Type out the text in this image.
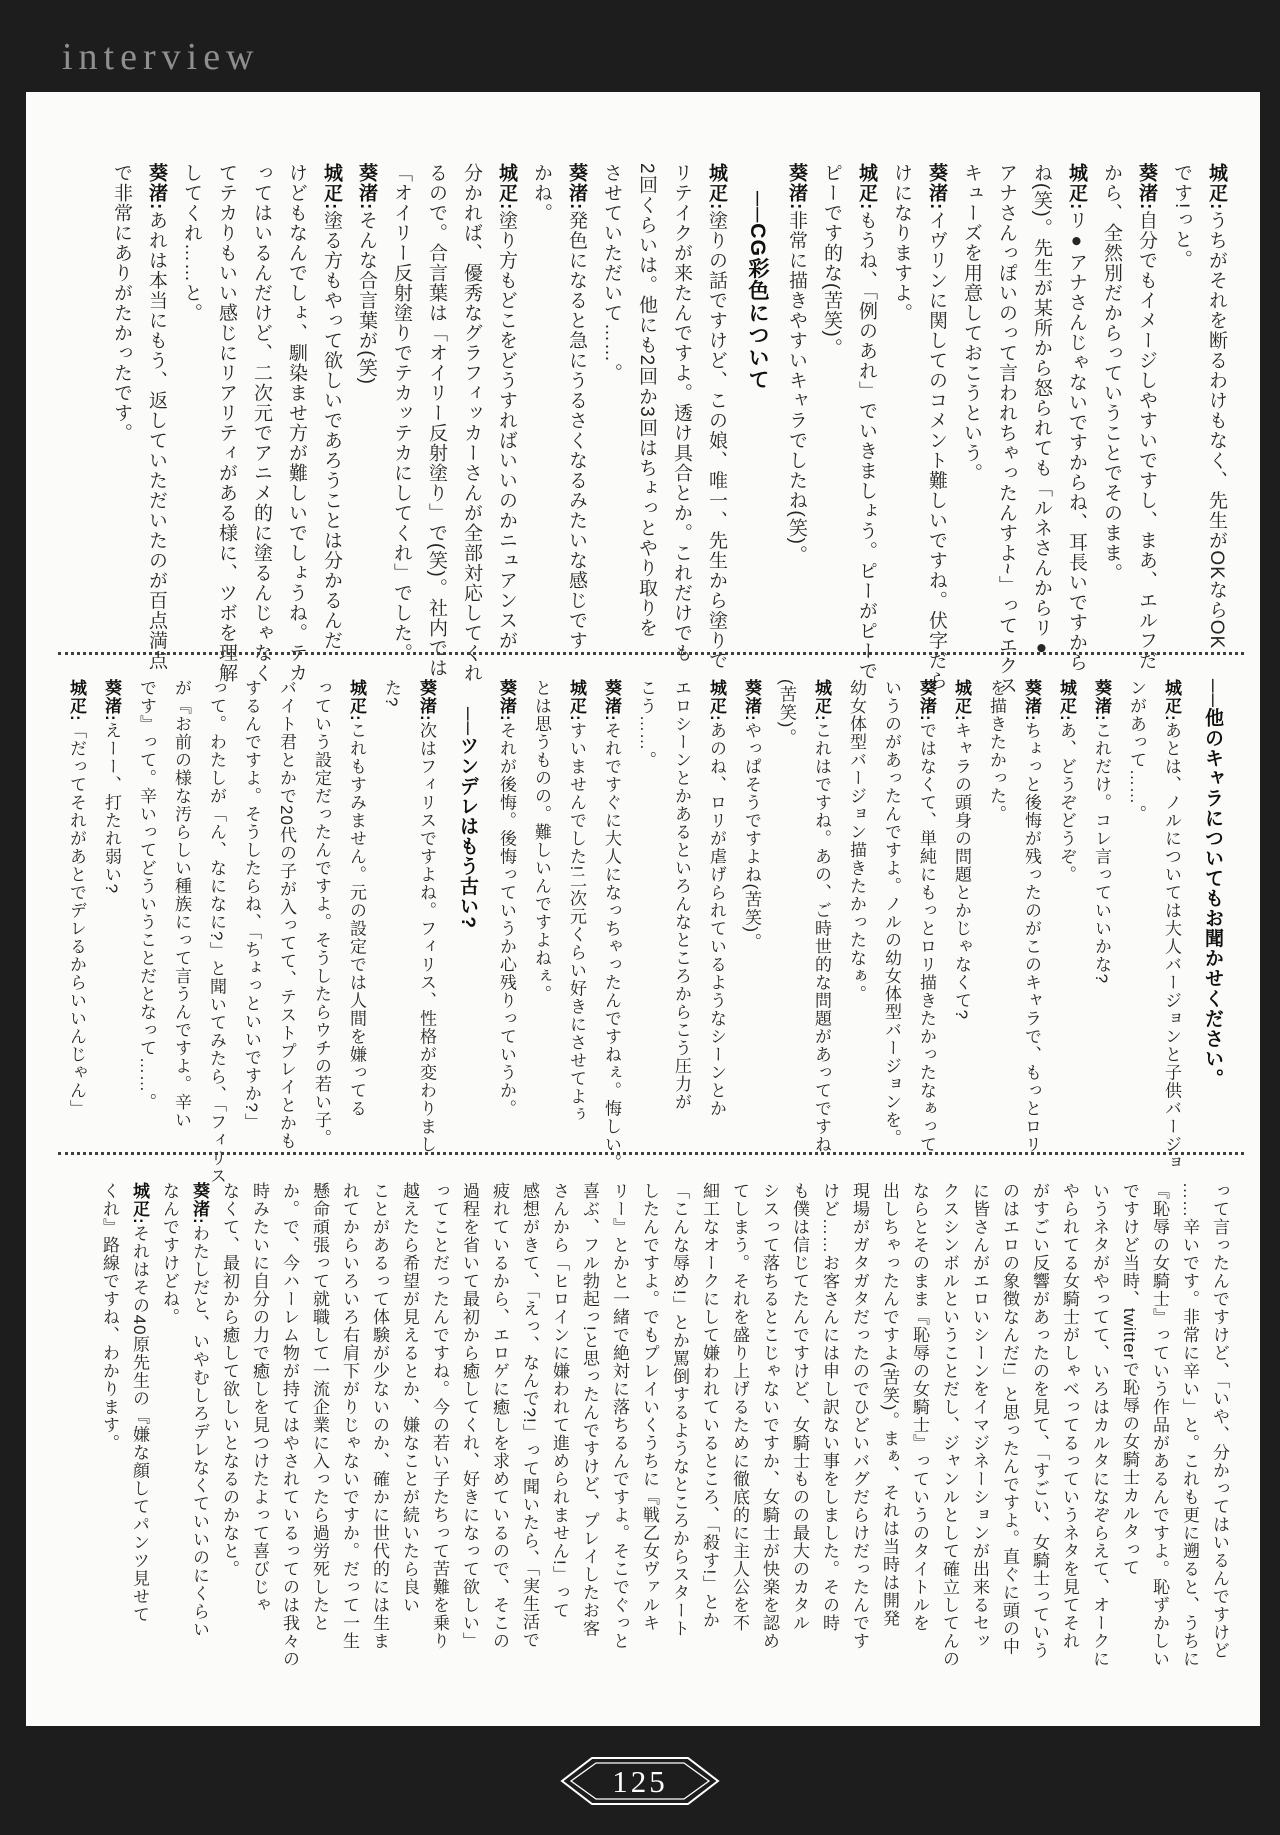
interview

城疋:うちがそれを断るわけもなく、先生がOKならOK

です!っと。

葵渚:自分でもイメージしやすいですし、まあ、エルフだ

から、全然別だからっていうことでそのまま。

城疋:リ●アナさんじゃないですからね、耳長いですから

ね(笑)。先生が某所から怒られても「ルネさんからリ●

アナさんっぽいのって言われちゃったんすよ~」ってエクス

キューズを用意しておこうという。

葵渚:イヴリンに関してのコメント難しいですね。伏字だら

けになりますよ。

城疋:もうね、「例のあれ」でいきましょう。ピーがピーで

ピーです的な(苦笑)。

葵渚:非常に描きやすいキャラでしたね(笑)。

──CG彩色について

城疋:塗りの話ですけど、この娘、唯一、先生から塗りで

リテイクが来たんですよ。透け具合とか。これだけでも

2回くらいは。他にも2回か3回はちょっとやり取りを

させていただいて……。

葵渚:発色になると急にうるさくなるみたいな感じです

かね。

城疋:塗り方もどこをどうすればいいのかニュアンスが

分かれば、優秀なグラフィッカーさんが全部対応してくれ

るので。合言葉は「オイリー反射塗り」で(笑)。社内では

「オイリー反射塗りでテカッテカにしてくれ」でした。

葵渚:そんな合言葉が(笑)

城疋:塗る方もやって欲しいであろうことは分かるんだ

けどもなんでしょ、馴染ませ方が難しいでしょうね。テカ

ってはいるんだけど、二次元でアニメ的に塗るんじゃなく

てテカりもいい感じにリアリティがある様に、ツボを理解

してくれ……と。

葵渚:あれは本当にもう、返していただいたのが百点満点

で非常にありがたかったです。

──他のキャラについてもお聞かせください。

城疋:あとは、ノルについては大人バージョンと子供バージョ

ンがあって……。

葵渚:これだけ。コレ言っていいかな?

城疋:あ、どうぞどうぞ。

葵渚:ちょっと後悔が残ったのがこのキャラで、もっとロリ

を描きたかった。

城疋:キャラの頭身の問題とかじゃなくて?

葵渚:ではなくて、単純にもっとロリ描きたかったなぁって

いうのがあったんですよ。ノルの幼女体型バージョンを。

幼女体型バージョン描きたかったなぁ。

城疋:これはですね。あの、ご時世的な問題があってですね

(苦笑)。

葵渚:やっぱそうですよね(苦笑)。

城疋:あのね、ロリが虐げられているようなシーンとか

エロシーンとかあるといろんなところからこう圧力が

こう……。

葵渚:それですぐに大人になっちゃったんですねぇ。悔しい。

城疋:すいませんでした!二次元くらい好きにさせてよぅ

とは思うものの。難しいんですよねぇ。

葵渚:それが後悔。後悔っていうか心残りっていうか。

──ツンデレはもう古い?

葵渚:次はフィリスですよね。フィリス、性格が変わりまし

た?

城疋:これもすみません。元の設定では人間を嫌ってる

っていう設定だったんですよ。そうしたらウチの若い子。

バイト君とかで20代の子が入ってて、テストプレイとかも

するんですよ。そうしたらね、「ちょっといいですか?」

って。わたしが「ん、なになに?」と聞いてみたら、「フィリス

が『お前の様な汚らしい種族にって言うんですよ。辛い

です』って。辛いってどういうことだとなって……。

葵渚:えーー、打たれ弱い?

城疋:「だってそれがあとでデレるからいいんじゃん」

って言ったんですけど、「いや、分かってはいるんですけど

……辛いです。非常に辛い」と。これも更に遡ると、うちに

『恥辱の女騎士』っていう作品があるんですよ。恥ずかしい

ですけど当時、twitterで恥辱の女騎士カルタって

いうネタがやってて、いろはカルタになぞらえて、オークに

やられてる女騎士がしゃべってるっていうネタを見てそれ

がすごい反響があったのを見て、「すごい、女騎士っていう

のはエロの象徴なんだ!」と思ったんですよ。直ぐに頭の中

に皆さんがエロいシーンをイマジネーションが出来るセッ

クスシンボルということだし、ジャンルとして確立してんの

ならとそのまま『恥辱の女騎士』っていうのタイトルを

出しちゃったんですよ(苦笑)。まぁ、それは当時は開発

現場がガタガタだったのでひどいバグだらけだったんです

けど……お客さんには申し訳ない事をしました。その時

も僕は信じてたんですけど、女騎士ものの最大のカタル

シスって落ちるとこじゃないですか、女騎士が快楽を認め

てしまう。それを盛り上げるために徹底的に主人公を不

細工なオークにして嫌われているところ、「殺す!」とか

「こんな辱め!」とか罵倒するようなところからスタート

したんですよ。でもプレイいくうちに『戦乙女ヴァルキ

リー』とかと一緒で絶対に落ちるんですよ。そこでぐっと

喜ぶ、フル勃起っ!と思ったんですけど、プレイしたお客

さんから「ヒロインに嫌われて進められません!」って

感想がきて、「えっ、なんで?!」って聞いたら、「実生活で

疲れているから、エロゲに癒しを求めているので、そこの

過程を省いて最初から癒してくれ、好きになって欲しい」

ってことだったんですね。今の若い子たちって苦難を乗り

越えたら希望が見えるとか、嫌なことが続いたら良い

ことがあるって体験が少ないのか、確かに世代的には生ま

れてからいろいろ右肩下がりじゃないですか。だって一生

懸命頑張って就職して一流企業に入ったら過労死したと

か。で、今ハーレム物が持てはやされているってのは我々の

時みたいに自分の力で癒しを見つけたよって喜びじゃ

なくて、最初から癒して欲しいとなるのかなと。

葵渚:わたしだと、いやむしろデレなくていいのにくらい

なんですけどね。

城疋:それはその40原先生の『嫌な顔してパンツ見せて

くれ』路線ですね、わかります。

125
